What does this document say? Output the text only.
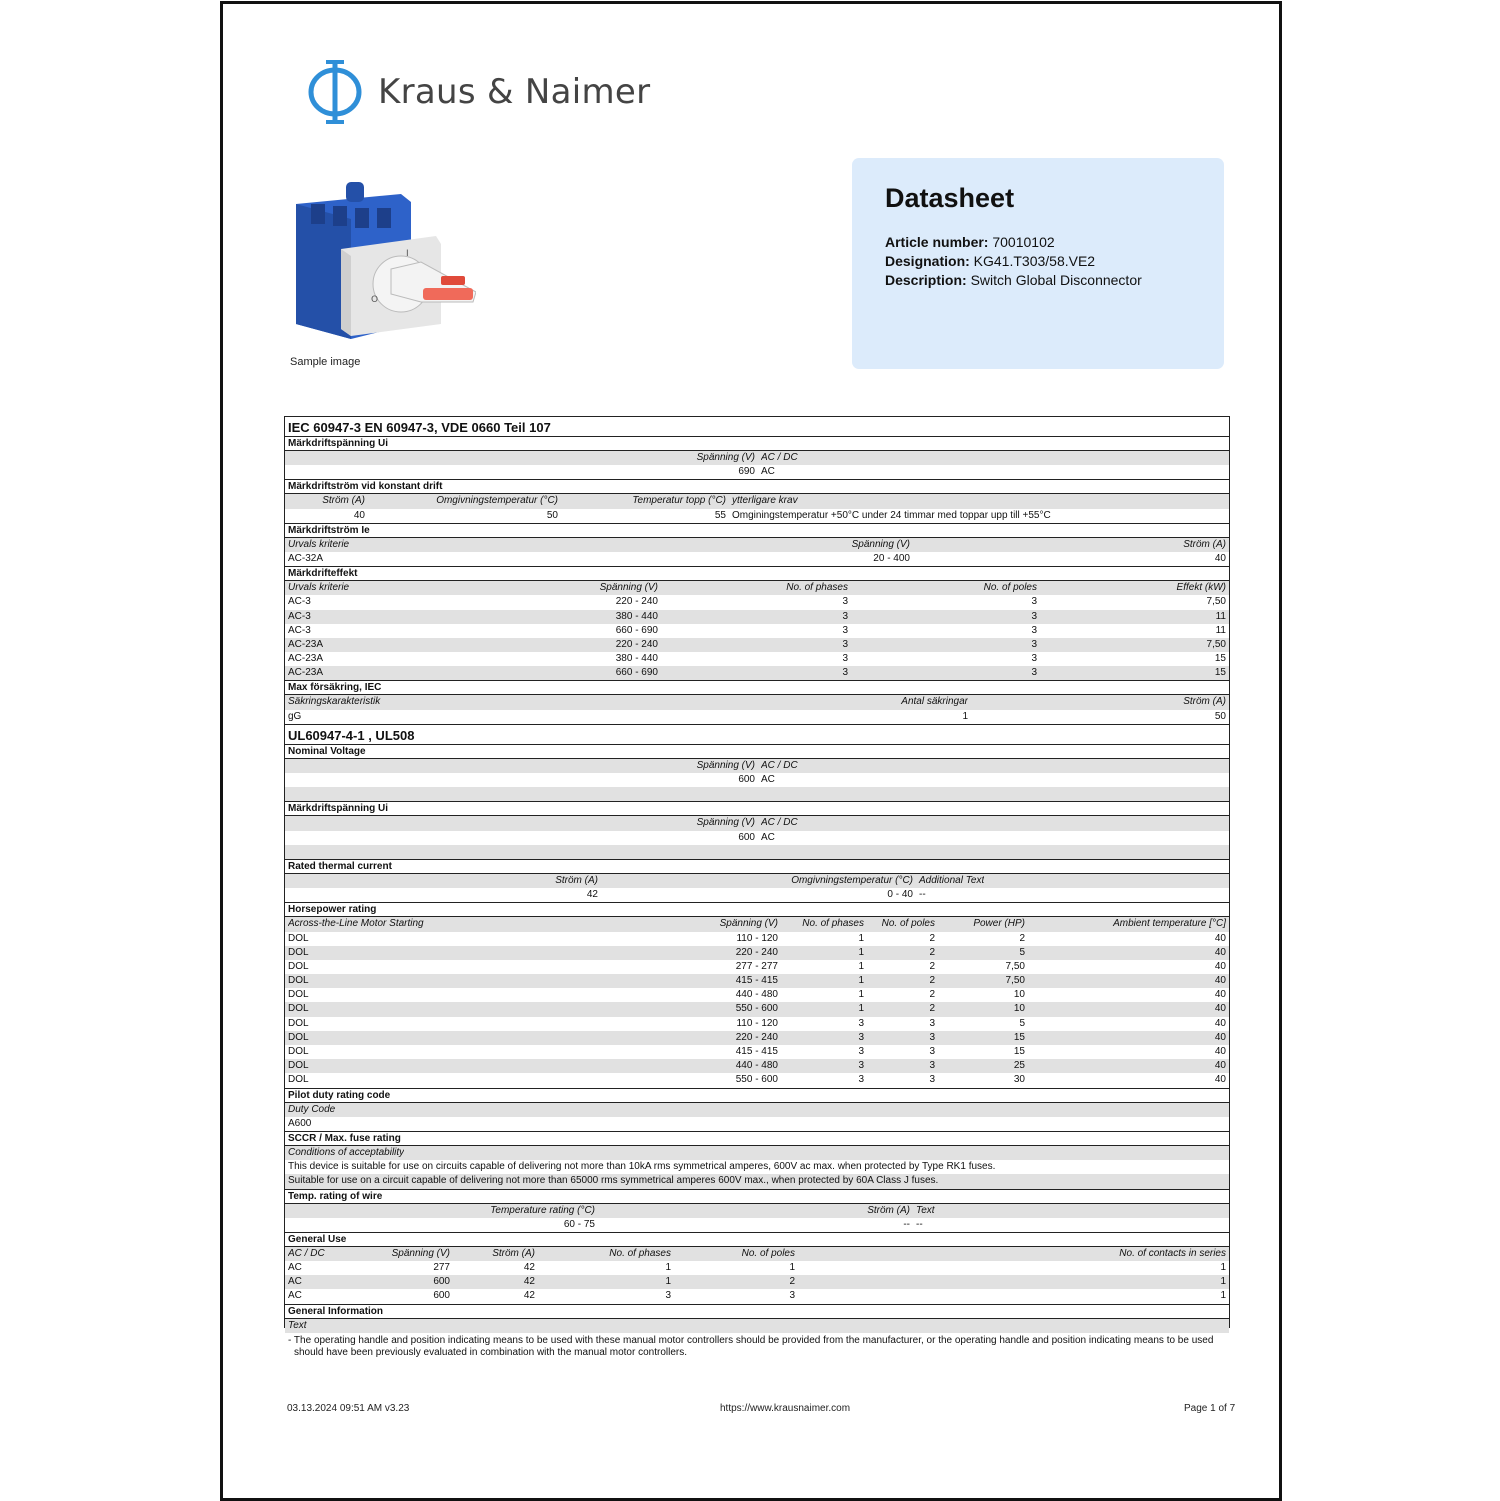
Kraus & Naimer
I
O
Sample image
Datasheet
Article number: 70010102
Designation: KG41.T303/58.VE2
Description: Switch Global Disconnector
IEC 60947-3 EN 60947-3, VDE 0660 Teil 107
Märkdriftspänning Ui
Spänning (V) AC / DC
690 AC
Märkdriftström vid konstant drift
Ström (A)	Omgivningstemperatur (°C)	Temperatur topp (°C) ytterligare krav
40	50	55 Omginingstemperatur +50°C under 24 timmar med toppar upp till +55°C
Märkdriftström Ie
Urvals kriterie	Spänning (V)	Ström (A)
AC-32A	20 - 400	40
Märkdrifteffekt
Urvals kriterie	Spänning (V)	No. of phases	No. of poles	Effekt (kW)
AC-3	220 - 240	3	3	7,50
AC-3	380 - 440	3	3	11
AC-3	660 - 690	3	3	11
AC-23A	220 - 240	3	3	7,50
AC-23A	380 - 440	3	3	15
AC-23A	660 - 690	3	3	15
Max försäkring, IEC
Säkringskarakteristik	Antal säkringar	Ström (A)
gG	1	50
UL60947-4-1 , UL508
Nominal Voltage
Spänning (V) AC / DC
600 AC
Märkdriftspänning Ui
Spänning (V) AC / DC
600 AC
Rated thermal current
Ström (A)	Omgivningstemperatur (°C) Additional Text
42	0 - 40 --
Horsepower rating
Across-the-Line Motor Starting	Spänning (V)	No. of phases	No. of poles	Power (HP)	Ambient temperature [°C]
DOL	110 - 120	1	2	2	40
DOL	220 - 240	1	2	5	40
DOL	277 - 277	1	2	7,50	40
DOL	415 - 415	1	2	7,50	40
DOL	440 - 480	1	2	10	40
DOL	550 - 600	1	2	10	40
DOL	110 - 120	3	3	5	40
DOL	220 - 240	3	3	15	40
DOL	415 - 415	3	3	15	40
DOL	440 - 480	3	3	25	40
DOL	550 - 600	3	3	30	40
Pilot duty rating code
Duty Code
A600
SCCR / Max. fuse rating
Conditions of acceptability
This device is suitable for use on circuits capable of delivering not more than 10kA rms symmetrical amperes, 600V ac max. when protected by Type RK1 fuses.
Suitable for use on a circuit capable of delivering not more than 65000 rms symmetrical amperes 600V max., when protected by 60A Class J fuses.
Temp. rating of wire
Temperature rating (°C)	Ström (A) Text
60 - 75	-- --
General Use
AC / DC	Spänning (V)	Ström (A)	No. of phases	No. of poles	No. of contacts in series
AC	277	42	1	1	1
AC	600	42	1	2	1
AC	600	42	3	3	1
General Information
Text
- The operating handle and position indicating means to be used with these manual motor controllers should be provided from the manufacturer, or the operating handle and position indicating means to be used should have been previously evaluated in combination with the manual motor controllers.
03.13.2024 09:51 AM v3.23	https://www.krausnaimer.com	Page 1 of 7
